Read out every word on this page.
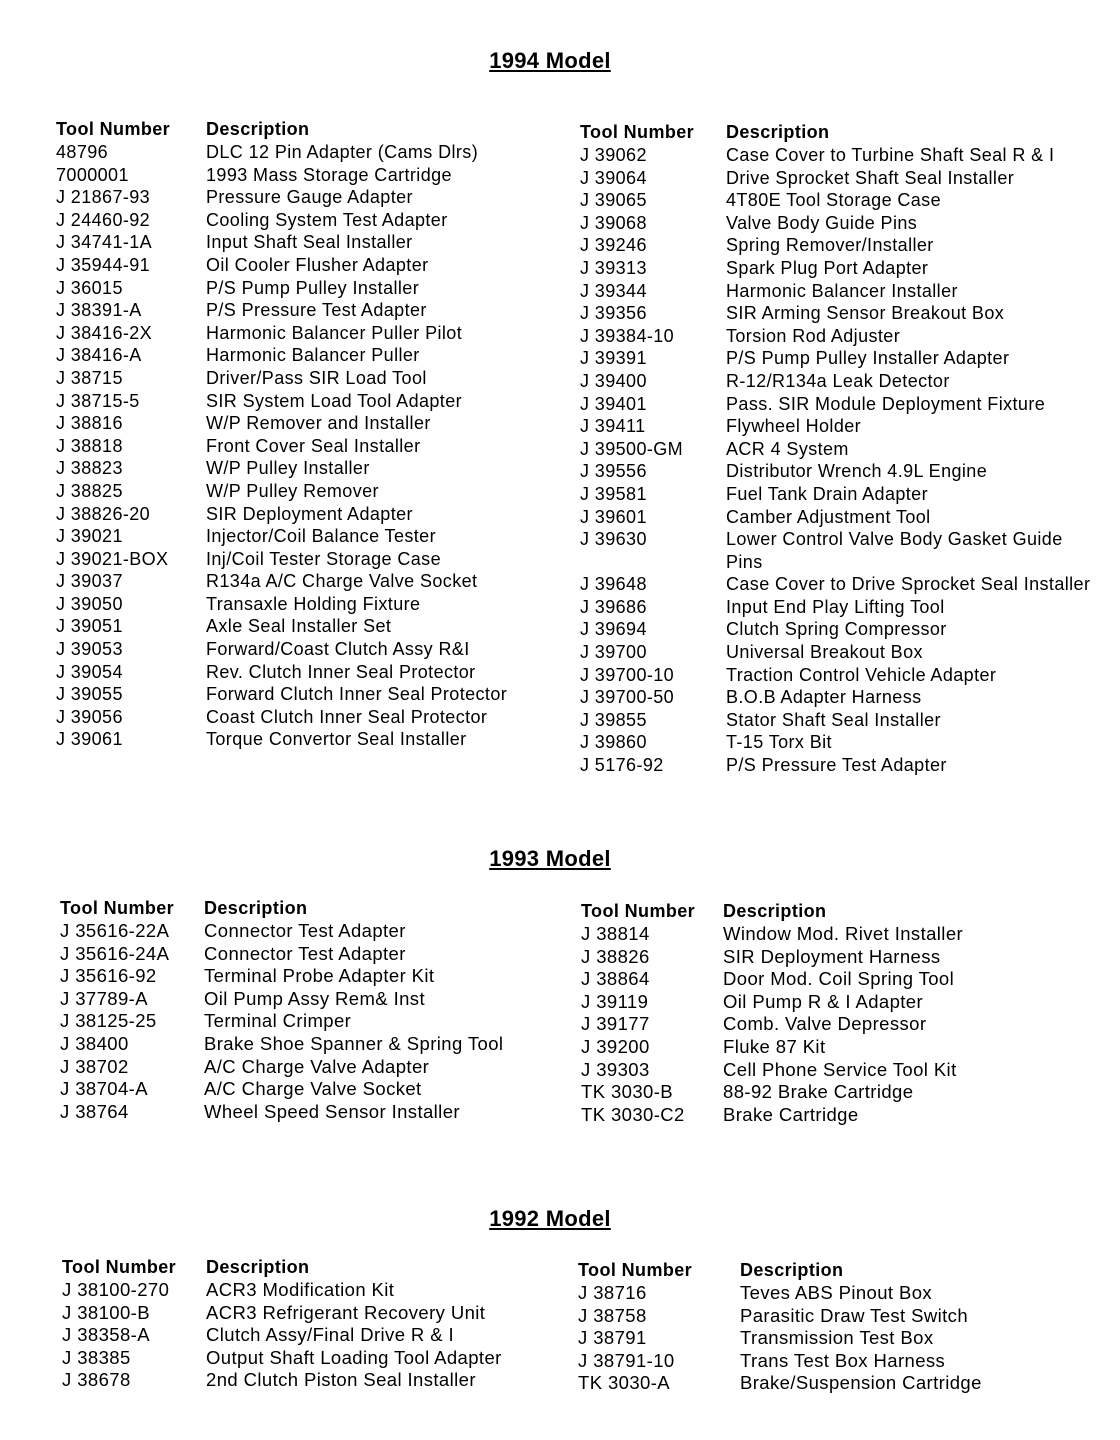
1994 Model
Tool Number	Description
48796	DLC 12 Pin Adapter (Cams Dlrs)
7000001	1993 Mass Storage Cartridge
J 21867-93	Pressure Gauge Adapter
J 24460-92	Cooling System Test Adapter
J 34741-1A	Input Shaft Seal Installer
J 35944-91	Oil Cooler Flusher Adapter
J 36015	P/S Pump Pulley Installer
J 38391-A	P/S Pressure Test Adapter
J 38416-2X	Harmonic Balancer Puller Pilot
J 38416-A	Harmonic Balancer Puller
J 38715	Driver/Pass SIR Load Tool
J 38715-5	SIR System Load Tool Adapter
J 38816	W/P Remover and Installer
J 38818	Front Cover Seal Installer
J 38823	W/P Pulley Installer
J 38825	W/P Pulley Remover
J 38826-20	SIR Deployment Adapter
J 39021	Injector/Coil Balance Tester
J 39021-BOX	Inj/Coil Tester Storage Case
J 39037	R134a A/C Charge Valve Socket
J 39050	Transaxle Holding Fixture
J 39051	Axle Seal Installer Set
J 39053	Forward/Coast Clutch Assy R&I
J 39054	Rev. Clutch Inner Seal Protector
J 39055	Forward Clutch Inner Seal Protector
J 39056	Coast Clutch Inner Seal Protector
J 39061	Torque Convertor Seal Installer
Tool Number	Description
J 39062	Case Cover to Turbine Shaft Seal R & I
J 39064	Drive Sprocket Shaft Seal Installer
J 39065	4T80E Tool Storage Case
J 39068	Valve Body Guide Pins
J 39246	Spring Remover/Installer
J 39313	Spark Plug Port Adapter
J 39344	Harmonic Balancer Installer
J 39356	SIR Arming Sensor Breakout Box
J 39384-10	Torsion Rod Adjuster
J 39391	P/S Pump Pulley Installer Adapter
J 39400	R-12/R134a Leak Detector
J 39401	Pass. SIR Module Deployment Fixture
J 39411	Flywheel Holder
J 39500-GM	ACR 4 System
J 39556	Distributor Wrench 4.9L Engine
J 39581	Fuel Tank Drain Adapter
J 39601	Camber Adjustment Tool
J 39630	Lower Control Valve Body Gasket Guide Pins
J 39648	Case Cover to Drive Sprocket Seal Installer
J 39686	Input End Play Lifting Tool
J 39694	Clutch Spring Compressor
J 39700	Universal Breakout Box
J 39700-10	Traction Control Vehicle Adapter
J 39700-50	B.O.B Adapter Harness
J 39855	Stator Shaft Seal Installer
J 39860	T-15 Torx Bit
J 5176-92	P/S Pressure Test Adapter
1993 Model
Tool Number	Description
J 35616-22A	Connector Test Adapter
J 35616-24A	Connector Test Adapter
J 35616-92	Terminal Probe Adapter Kit
J 37789-A	Oil Pump Assy Rem& Inst
J 38125-25	Terminal Crimper
J 38400	Brake Shoe Spanner & Spring Tool
J 38702	A/C Charge Valve Adapter
J 38704-A	A/C Charge Valve Socket
J 38764	Wheel Speed Sensor Installer
Tool Number	Description
J 38814	Window Mod. Rivet Installer
J 38826	SIR Deployment Harness
J 38864	Door Mod. Coil Spring Tool
J 39119	Oil Pump R & I Adapter
J 39177	Comb. Valve Depressor
J 39200	Fluke 87 Kit
J 39303	Cell Phone Service Tool Kit
TK 3030-B	88-92 Brake Cartridge
TK 3030-C2	Brake Cartridge
1992 Model
Tool Number	Description
J 38100-270	ACR3 Modification Kit
J 38100-B	ACR3 Refrigerant Recovery Unit
J 38358-A	Clutch Assy/Final Drive R & I
J 38385	Output Shaft Loading Tool Adapter
J 38678	2nd Clutch Piston Seal Installer
Tool Number	Description
J 38716	Teves ABS Pinout Box
J 38758	Parasitic Draw Test Switch
J 38791	Transmission Test Box
J 38791-10	Trans Test Box Harness
TK 3030-A	Brake/Suspension Cartridge
